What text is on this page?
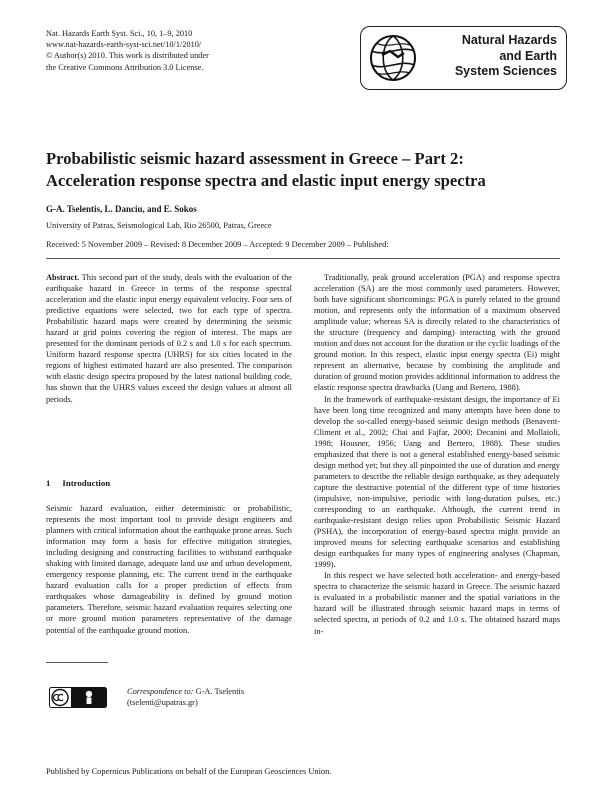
Nat. Hazards Earth Syst. Sci., 10, 1–9, 2010
www.nat-hazards-earth-syst-sci.net/10/1/2010/
© Author(s) 2010. This work is distributed under
the Creative Commons Attribution 3.0 License.
Natural Hazards
and Earth
System Sciences
Probabilistic seismic hazard assessment in Greece – Part 2:
Acceleration response spectra and elastic input energy spectra
G-A. Tselentis, L. Danciu, and E. Sokos
University of Patras, Seismological Lab, Rio 26500, Patras, Greece
Received: 5 November 2009 – Revised: 8 December 2009 – Accepted: 9 December 2009 – Published:

Abstract. This second part of the study, deals with the evaluation of the earthquake hazard in Greece in terms of the response spectral acceleration and the elastic input energy equivalent velocity. Four sets of predictive equations were selected, two for each type of spectra. Probabilistic hazard maps were created by determining the seismic hazard at grid points covering the region of interest. The maps are presented for the dominant periods of 0.2 s and 1.0 s for each spectrum. Uniform hazard response spectra (UHRS) for six cities located in the regions of highest estimated hazard are also presented. The comparison with elastic design spectra proposed by the latest national building code, has shown that the UHRS values exceed the design values at almost all periods.

1 Introduction

Seismic hazard evaluation, either deterministic or probabilistic, represents the most important tool to provide design engineers and planners with critical information about the earthquake prone areas. Such information may form a basis for effective mitigation strategies, including designing and constructing facilities to withstand earthquake shaking with limited damage, adequate land use and urban development, emergency response planning, etc. The current trend in the earthquake hazard evaluation calls for a proper prediction of effects from earthquakes whose damageability is defined by ground motion parameters. Therefore, seismic hazard evaluation requires selecting one or more ground motion parameters representative of the damage potential of the earthquake ground motion.

Traditionally, peak ground acceleration (PGA) and response spectra acceleration (SA) are the most commonly used parameters. However, both have significant shortcomings: PGA is purely related to the ground motion, and represents only the information of a maximum observed amplitude value; whereas SA is directly related to the characteristics of the structure (frequency and damping) interacting with the ground motion and does not account for the duration or the cyclic loadings of the ground motion. In this respect, elastic input energy spectra (Ei) might represent an alternative, because by combining the amplitude and duration of ground motion provides additional information to address the elastic response spectra drawbacks (Uang and Bertero, 1988).

In the framework of earthquake-resistant design, the importance of Ei have been long time recognized and many attempts have been done to develop the so-called energy-based seismic design methods (Benavent-Climent et al., 2002; Chai and Fajfar, 2000; Decanini and Mollaioli, 1998; Housner, 1956; Uang and Bertero, 1988). These studies emphasized that there is not a general established energy-based seismic design method yet; but they all pinpointed the use of duration and energy parameters to describe the reliable design earthquake, as they adequately capture the destructive potential of the different type of time histories (impulsive, non-impulsive, periodic with long-duration pulses, etc.) corresponding to an earthquake. Although, the current trend in earthquake-resistant design relies upon Probabilistic Seismic Hazard (PSHA), the incorporation of energy-based spectra might provide an improved means for selecting earthquake scenarios and establishing design earthquakes for many types of engineering analyses (Chapman, 1999).

In this respect we have selected both acceleration- and energy-based spectra to characterize the seismic hazard in Greece. The seismic hazard is evaluated in a probabilistic manner and the spatial variations in the hazard will be illustrated through seismic hazard maps in terms of selected spectra, at periods of 0.2 and 1.0 s. The obtained hazard maps in-

Correspondence to: G-A. Tselentis
(tselenti@upatras.gr)
Published by Copernicus Publications on behalf of the European Geosciences Union.
